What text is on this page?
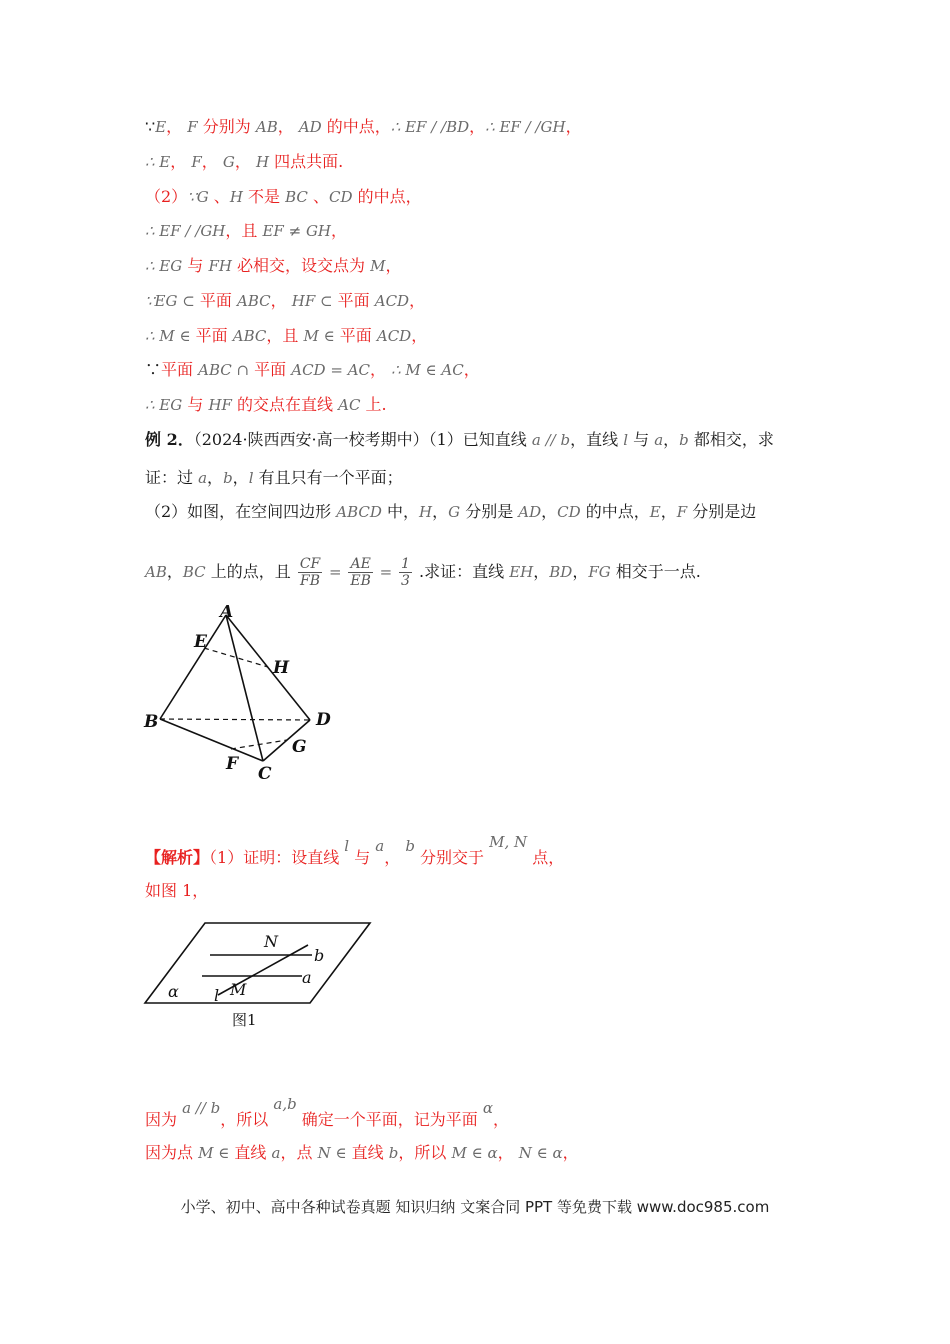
∵E， F 分别为 AB， AD 的中点，∴ EF / /BD，∴ EF / /GH，
∴ E， F， G， H 四点共面.
（2）∵G 、H 不是 BC 、CD 的中点，
∴ EF / /GH，且 EF ≠ GH，
∴ EG 与 FH 必相交，设交点为 M，
∵EG ⊂ 平面 ABC， HF ⊂ 平面 ACD，
∴ M ∈ 平面 ABC，且 M ∈ 平面 ACD，
∵平面 ABC ∩ 平面 ACD = AC， ∴ M ∈ AC，
∴ EG 与 HF 的交点在直线 AC 上.
例 2．（2024·陕西西安·高一校考期中）（1）已知直线 a // b，直线 l 与 a，b 都相交，求
证：过 a，b，l 有且只有一个平面；
（2）如图，在空间四边形 ABCD 中，H，G 分别是 AD，CD 的中点，E，F 分别是边
AB，BC 上的点，且 $\frac{CF}{FB} = \frac{AE}{EB} = \frac{1}{3}$ .求证：直线 EH，BD，FG 相交于一点.
A
E
H
B	D
G
F C
【解析】（1）证明：设直线 l 与 a， b 分别交于 M, N 点，
如图 1，
N
b
a
α l M
图1
因为 a // b，所以 a,b 确定一个平面，记为平面 α，
因为点 M ∈ 直线 a，点 N ∈ 直线 b，所以 M ∈ α， N ∈ α，
小学、初中、高中各种试卷真题 知识归纳 文案合同 PPT 等免费下载 www.doc985.com
